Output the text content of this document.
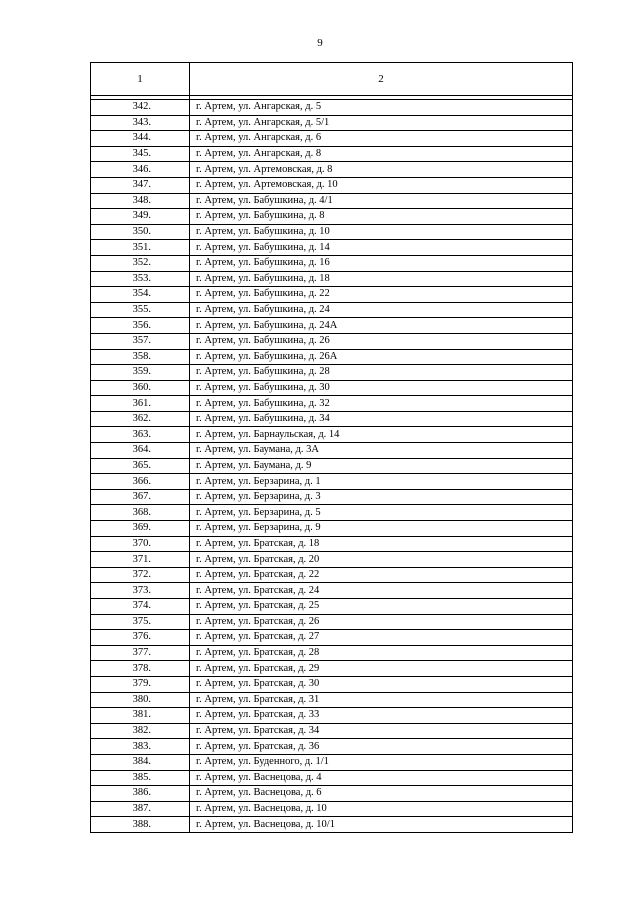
9
1	2

342.	г. Артем, ул. Ангарская, д. 5
343.	г. Артем, ул. Ангарская, д. 5/1
344.	г. Артем, ул. Ангарская, д. 6
345.	г. Артем, ул. Ангарская, д. 8
346.	г. Артем, ул. Артемовская, д. 8
347.	г. Артем, ул. Артемовская, д. 10
348.	г. Артем, ул. Бабушкина, д. 4/1
349.	г. Артем, ул. Бабушкина, д. 8
350.	г. Артем, ул. Бабушкина, д. 10
351.	г. Артем, ул. Бабушкина, д. 14
352.	г. Артем, ул. Бабушкина, д. 16
353.	г. Артем, ул. Бабушкина, д. 18
354.	г. Артем, ул. Бабушкина, д. 22
355.	г. Артем, ул. Бабушкина, д. 24
356.	г. Артем, ул. Бабушкина, д. 24А
357.	г. Артем, ул. Бабушкина, д. 26
358.	г. Артем, ул. Бабушкина, д. 26А
359.	г. Артем, ул. Бабушкина, д. 28
360.	г. Артем, ул. Бабушкина, д. 30
361.	г. Артем, ул. Бабушкина, д. 32
362.	г. Артем, ул. Бабушкина, д. 34
363.	г. Артем, ул. Барнаульская, д. 14
364.	г. Артем, ул. Баумана, д. 3А
365.	г. Артем, ул. Баумана, д. 9
366.	г. Артем, ул. Берзарина, д. 1
367.	г. Артем, ул. Берзарина, д. 3
368.	г. Артем, ул. Берзарина, д. 5
369.	г. Артем, ул. Берзарина, д. 9
370.	г. Артем, ул. Братская, д. 18
371.	г. Артем, ул. Братская, д. 20
372.	г. Артем, ул. Братская, д. 22
373.	г. Артем, ул. Братская, д. 24
374.	г. Артем, ул. Братская, д. 25
375.	г. Артем, ул. Братская, д. 26
376.	г. Артем, ул. Братская, д. 27
377.	г. Артем, ул. Братская, д. 28
378.	г. Артем, ул. Братская, д. 29
379.	г. Артем, ул. Братская, д. 30
380.	г. Артем, ул. Братская, д. 31
381.	г. Артем, ул. Братская, д. 33
382.	г. Артем, ул. Братская, д. 34
383.	г. Артем, ул. Братская, д. 36
384.	г. Артем, ул. Буденного, д. 1/1
385.	г. Артем, ул. Васнецова, д. 4
386.	г. Артем, ул. Васнецова, д. 6
387.	г. Артем, ул. Васнецова, д. 10
388.	г. Артем, ул. Васнецова, д. 10/1
